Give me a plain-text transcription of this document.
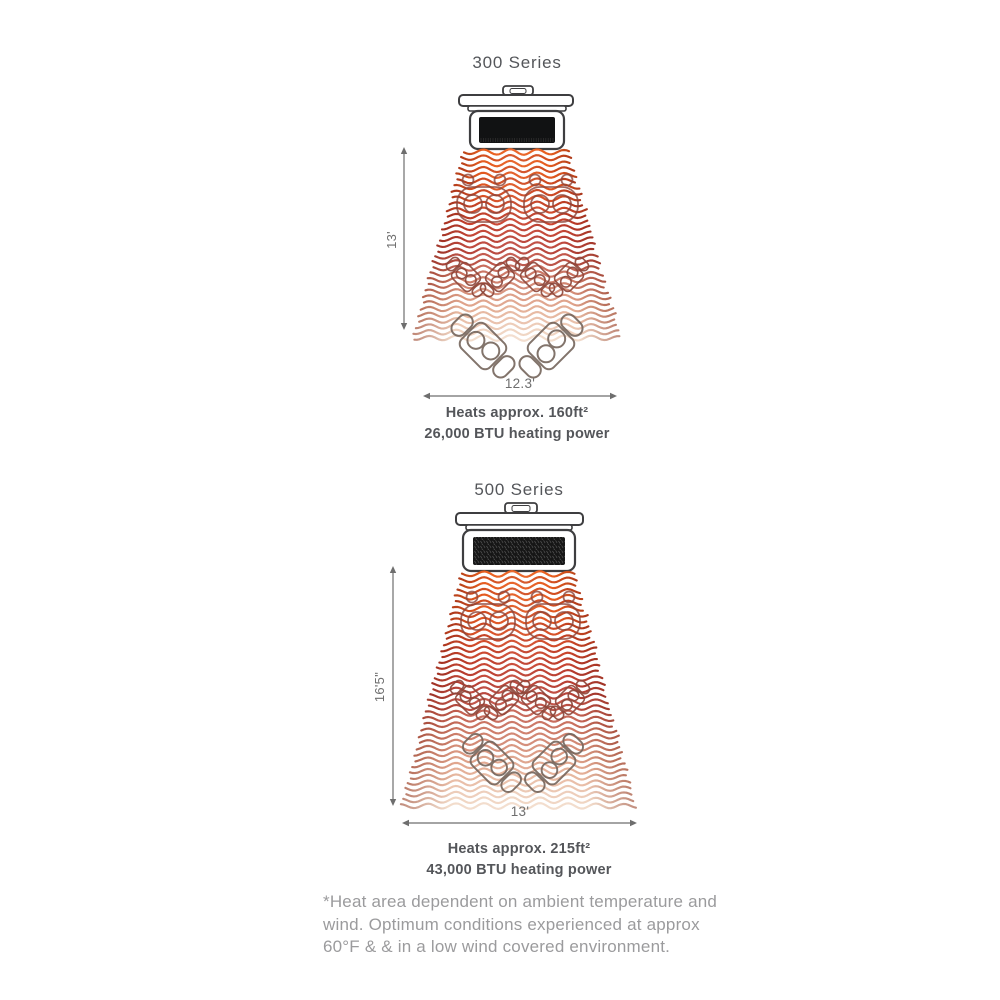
300 Series
13'
12.3'
Heats approx. 160ft²
26,000 BTU heating power
500 Series
16'5"
13'
Heats approx. 215ft²
43,000 BTU heating power
*Heat area dependent on ambient temperature and
wind. Optimum conditions experienced at approx
60°F & & in a low wind covered environment.
